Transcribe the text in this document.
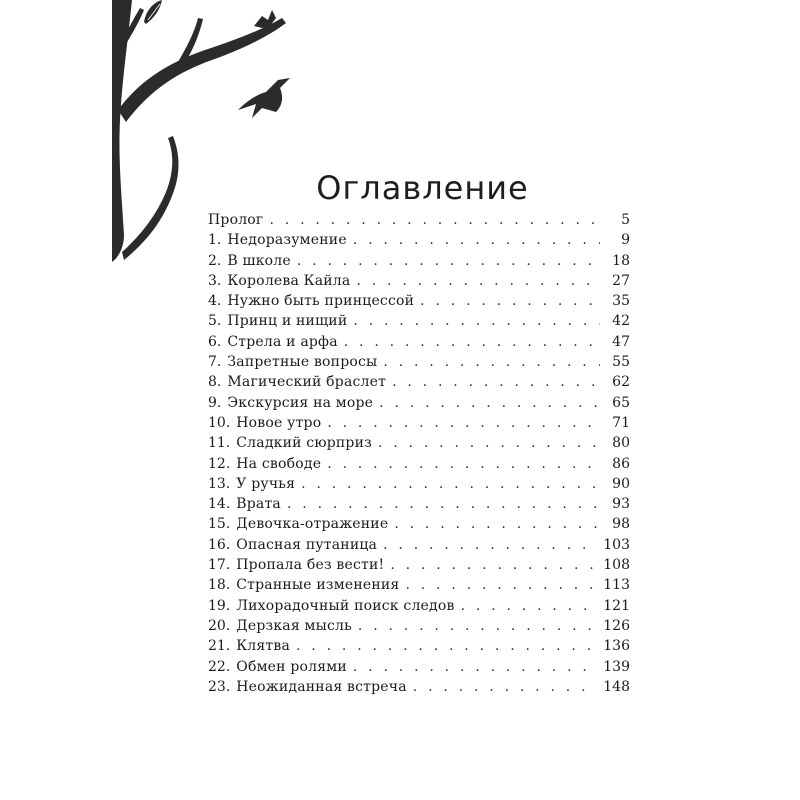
Оглавление
Пролог . . .	5
1. Недоразумение . . .	9
2. В школе . . .	18
3. Королева Кайла . . .	27
4. Нужно быть принцессой . . .	35
5. Принц и нищий . . .	42
6. Стрела и арфа . . .	47
7. Запретные вопросы . . .	55
8. Магический браслет . . .	62
9. Экскурсия на море . . .	65
10. Новое утро . . .	71
11. Сладкий сюрприз . . .	80
12. На свободе . . .	86
13. У ручья . . .	90
14. Врата . . .	93
15. Девочка-отражение . . .	98
16. Опасная путаница . . .	103
17. Пропала без вести! . . .	108
18. Странные изменения . . .	113
19. Лихорадочный поиск следов . . .	121
20. Дерзкая мысль . . .	126
21. Клятва . . .	136
22. Обмен ролями . . .	139
23. Неожиданная встреча . . .	148
